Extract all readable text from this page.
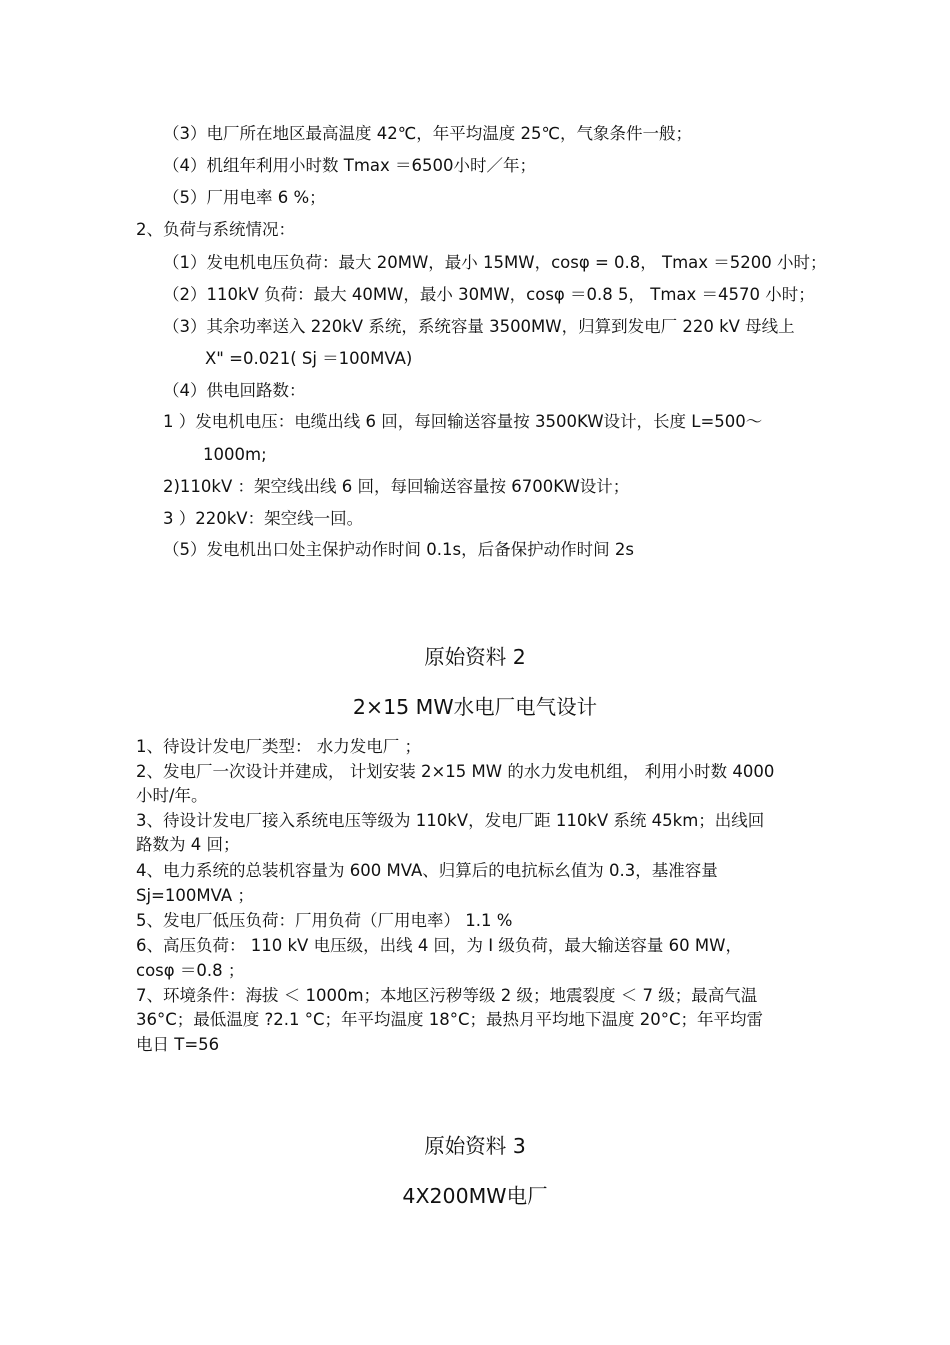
（3）电厂所在地区最高温度 42℃，年平均温度 25℃，气象条件一般；
（4）机组年利用小时数 Tmax ＝6500小时／年；
（5）厂用电率 6 %；
2、负荷与系统情况：
（1）发电机电压负荷：最大 20MW，最小 15MW，cosφ = 0.8， Tmax ＝5200 小时；
（2）110kV 负荷：最大 40MW，最小 30MW，cosφ ＝0.8 5， Tmax ＝4570 小时；
（3）其余功率送入 220kV 系统，系统容量 3500MW，归算到发电厂 220 kV 母线上
X" =0.021( Sj ＝100MVA)
（4）供电回路数：
1 ）发电机电压：电缆出线 6 回，每回输送容量按 3500KW设计，长度 L=500～
1000m;
2)110kV ：架空线出线 6 回，每回输送容量按 6700KW设计；
3 ）220kV：架空线一回。
（5）发电机出口处主保护动作时间 0.1s，后备保护动作时间 2s
原始资料 2
2×15 MW水电厂电气设计
1、待设计发电厂类型： 水力发电厂 ；
2、发电厂一次设计并建成， 计划安装 2×15 MW 的水力发电机组， 利用小时数 4000
小时/年。
3、待设计发电厂接入系统电压等级为 110kV，发电厂距 110kV 系统 45km；出线回
路数为 4 回；
4、电力系统的总装机容量为 600 MVA、归算后的电抗标幺值为 0.3，基准容量
Sj=100MVA ；
5、发电厂低压负荷：厂用负荷（厂用电率） 1.1 %
6、高压负荷： 110 kV 电压级，出线 4 回，为 I 级负荷，最大输送容量 60 MW，
cosφ ＝0.8 ；
7、环境条件：海拔 ＜ 1000m；本地区污秽等级 2 级；地震裂度 ＜ 7 级；最高气温
36°C；最低温度 ?2.1 °C；年平均温度 18°C；最热月平均地下温度 20°C；年平均雷
电日 T=56
原始资料 3
4X200MW电厂
